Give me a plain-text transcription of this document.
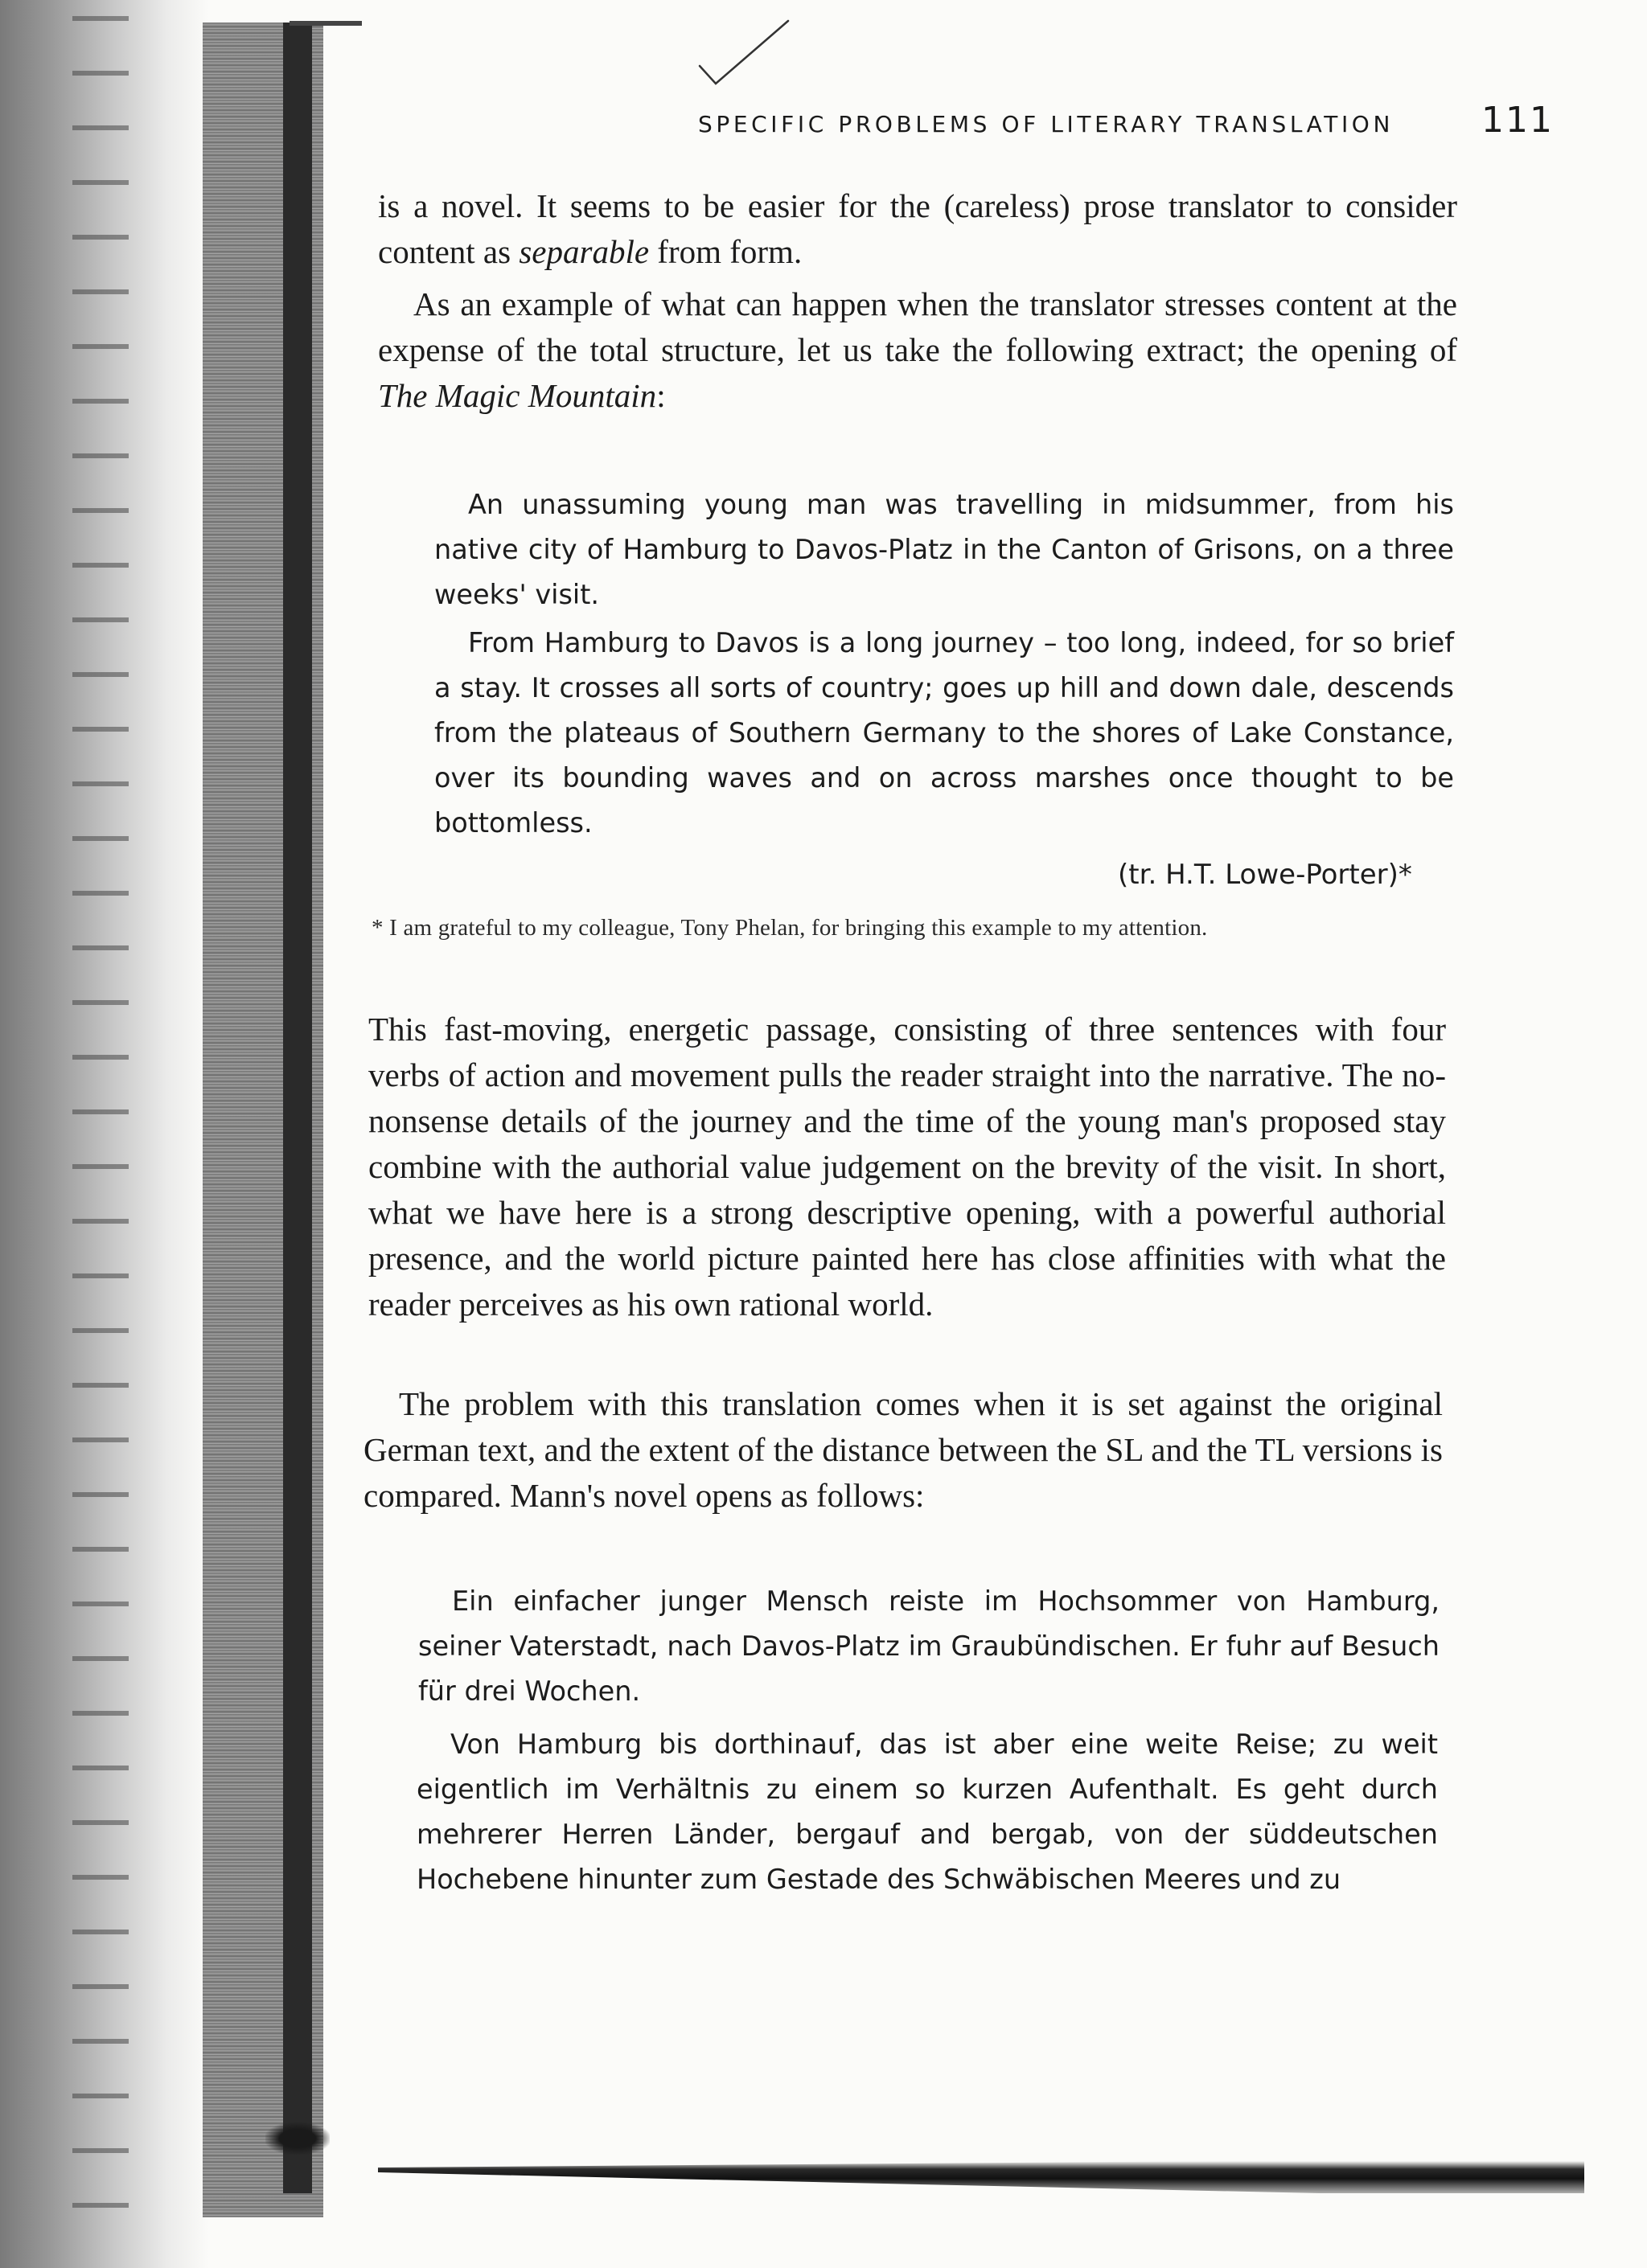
SPECIFIC PROBLEMS OF LITERARY TRANSLATION 111

is a novel. It seems to be easier for the (careless) prose translator to consider content as separable from form.

As an example of what can happen when the translator stresses content at the expense of the total structure, let us take the following extract; the opening of The Magic Mountain:

An unassuming young man was travelling in midsummer, from his native city of Hamburg to Davos-Platz in the Canton of Grisons, on a three weeks' visit.

From Hamburg to Davos is a long journey – too long, indeed, for so brief a stay. It crosses all sorts of country; goes up hill and down dale, descends from the plateaus of Southern Germany to the shores of Lake Constance, over its bounding waves and on across marshes once thought to be bottomless.

(tr. H.T. Lowe-Porter)*
* I am grateful to my colleague, Tony Phelan, for bringing this example to my attention.

This fast-moving, energetic passage, consisting of three sentences with four verbs of action and movement pulls the reader straight into the narrative. The no-nonsense details of the journey and the time of the young man's proposed stay combine with the authorial value judgement on the brevity of the visit. In short, what we have here is a strong descriptive opening, with a powerful authorial presence, and the world picture painted here has close affinities with what the reader perceives as his own rational world.

The problem with this translation comes when it is set against the original German text, and the extent of the distance between the SL and the TL versions is compared. Mann's novel opens as follows:

Ein einfacher junger Mensch reiste im Hochsommer von Hamburg, seiner Vaterstadt, nach Davos-Platz im Graubündischen. Er fuhr auf Besuch für drei Wochen.

Von Hamburg bis dorthinauf, das ist aber eine weite Reise; zu weit eigentlich im Verhältnis zu einem so kurzen Aufenthalt. Es geht durch mehrerer Herren Länder, bergauf and bergab, von der süddeutschen Hochebene hinunter zum Gestade des Schwäbischen Meeres und zu
